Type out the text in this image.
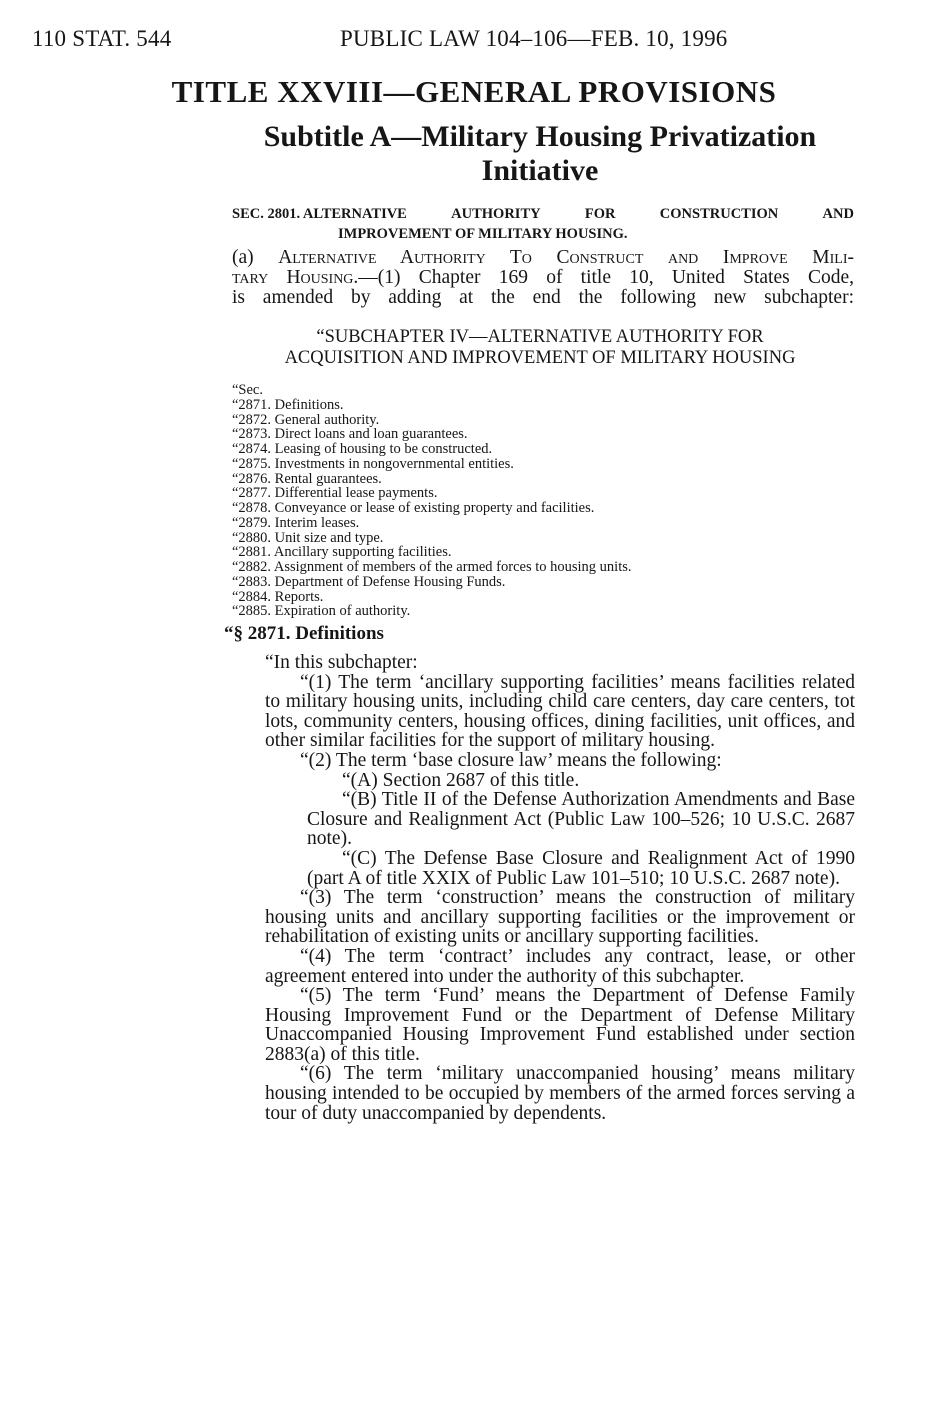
110 STAT. 544	PUBLIC LAW 104–106—FEB. 10, 1996
TITLE XXVIII—GENERAL PROVISIONS
Subtitle A—Military Housing Privatization
Initiative
SEC. 2801. ALTERNATIVE	AUTHORITY	FOR	CONSTRUCTION	AND
IMPROVEMENT OF MILITARY HOUSING.
(a) Alternative Authority To Construct and Improve Mili-
tary Housing.—(1) Chapter 169 of title 10, United States Code,
is amended by adding at the end the following new subchapter:
“SUBCHAPTER IV—ALTERNATIVE AUTHORITY FOR
ACQUISITION AND IMPROVEMENT OF MILITARY HOUSING
“Sec.
“2871. Definitions.
“2872. General authority.
“2873. Direct loans and loan guarantees.
“2874. Leasing of housing to be constructed.
“2875. Investments in nongovernmental entities.
“2876. Rental guarantees.
“2877. Differential lease payments.
“2878. Conveyance or lease of existing property and facilities.
“2879. Interim leases.
“2880. Unit size and type.
“2881. Ancillary supporting facilities.
“2882. Assignment of members of the armed forces to housing units.
“2883. Department of Defense Housing Funds.
“2884. Reports.
“2885. Expiration of authority.
“§ 2871. Definitions

“In this subchapter:

“(1) The term ‘ancillary supporting facilities’ means facilities related to military housing units, including child care centers, day care centers, tot lots, community centers, housing offices, dining facilities, unit offices, and other similar facilities for the support of military housing.

“(2) The term ‘base closure law’ means the following:

“(A) Section 2687 of this title.

“(B) Title II of the Defense Authorization Amendments and Base Closure and Realignment Act (Public Law 100–526; 10 U.S.C. 2687 note).

“(C) The Defense Base Closure and Realignment Act of 1990 (part A of title XXIX of Public Law 101–510; 10 U.S.C. 2687 note).

“(3) The term ‘construction’ means the construction of military housing units and ancillary supporting facilities or the improvement or rehabilitation of existing units or ancillary supporting facilities.

“(4) The term ‘contract’ includes any contract, lease, or other agreement entered into under the authority of this subchapter.

“(5) The term ‘Fund’ means the Department of Defense Family Housing Improvement Fund or the Department of Defense Military Unaccompanied Housing Improvement Fund established under section 2883(a) of this title.

“(6) The term ‘military unaccompanied housing’ means military housing intended to be occupied by members of the armed forces serving a tour of duty unaccompanied by dependents.
